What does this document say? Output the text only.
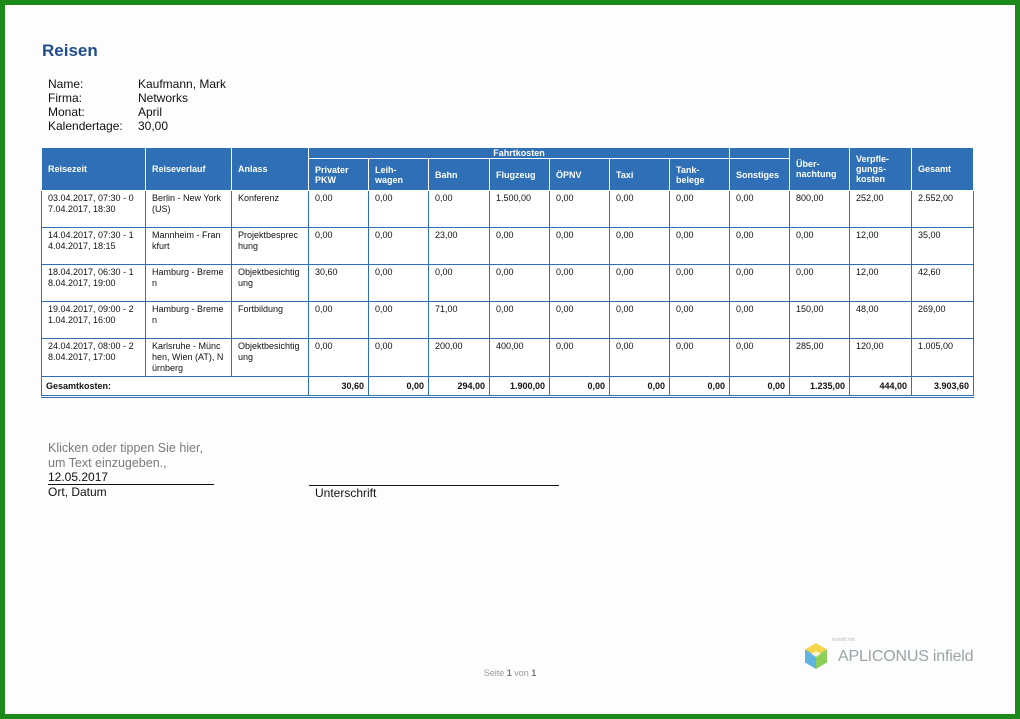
Reisen
Name:	Kaufmann, Mark
Firma:	Networks
Monat:	April
Kalendertage:	30,00
Reisezeit	Reiseverlauf	Anlass	Fahrtkosten								Über-nachtung	Verpfle-gungs-kosten	Gesamt
			Privater PKW	Leih-wagen	Bahn	Flugzeug	ÖPNV	Taxi	Tank-belege	Sonstiges			
03.04.2017, 07:30 - 07.04.2017, 18:30	Berlin - New York (US)	Konferenz	0,00	0,00	0,00	1.500,00	0,00	0,00	0,00	0,00	800,00	252,00	2.552,00
14.04.2017, 07:30 - 14.04.2017, 18:15	Mannheim - Frankfurt	Projektbesprechung	0,00	0,00	23,00	0,00	0,00	0,00	0,00	0,00	0,00	12,00	35,00
18.04.2017, 06:30 - 18.04.2017, 19:00	Hamburg - Bremen	Objektbesichtigung	30,60	0,00	0,00	0,00	0,00	0,00	0,00	0,00	0,00	12,00	42,60
19.04.2017, 09:00 - 21.04.2017, 16:00	Hamburg - Bremen	Fortbildung	0,00	0,00	71,00	0,00	0,00	0,00	0,00	0,00	150,00	48,00	269,00
24.04.2017, 08:00 - 28.04.2017, 17:00	Karlsruhe - München, Wien (AT), Nürnberg	Objektbesichtigung	0,00	0,00	200,00	400,00	0,00	0,00	0,00	0,00	285,00	120,00	1.005,00
Gesamtkosten:			30,60	0,00	294,00	1.900,00	0,00	0,00	0,00	0,00	1.235,00	444,00	3.903,60
Klicken oder tippen Sie hier, um Text einzugeben.,
12.05.2017
Ort, Datum	Unterschrift
Seite 1 von 1
erstellt mit
APLICONUS infield
